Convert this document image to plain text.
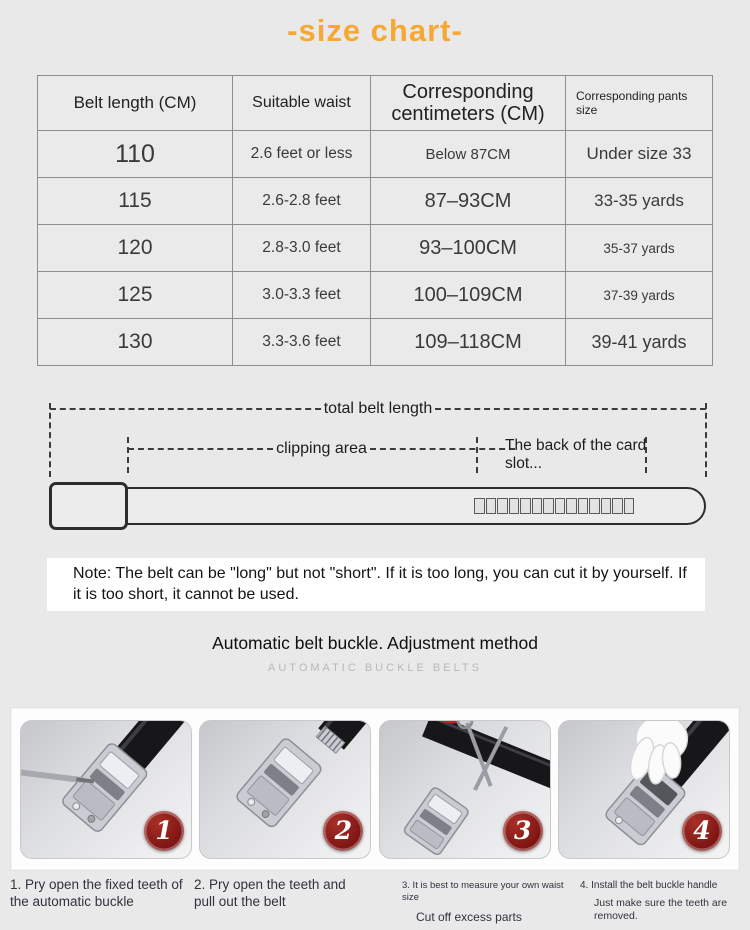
-size chart-
Belt length (CM)	Suitable waist	Corresponding centimeters (CM)	Corresponding pants size
110	2.6 feet or less	Below 87CM	Under size 33
115	2.6-2.8 feet	87–93CM	33-35 yards
120	2.8-3.0 feet	93–100CM	35-37 yards
125	3.0-3.3 feet	100–109CM	37-39 yards
130	3.3-3.6 feet	109–118CM	39-41 yards
total belt length
clipping area	The back of the card slot...

Note: The belt can be "long" but not "short". If it is too long, you can cut it by yourself. If it is too short, it cannot be used.

Automatic belt buckle. Adjustment method
AUTOMATIC BUCKLE BELTS
1	2	3	4
1. Pry open the fixed teeth of the automatic buckle
2. Pry open the teeth and pull out the belt
3. It is best to measure your own waist size
Cut off excess parts
4. Install the belt buckle handle
Just make sure the teeth are removed.
